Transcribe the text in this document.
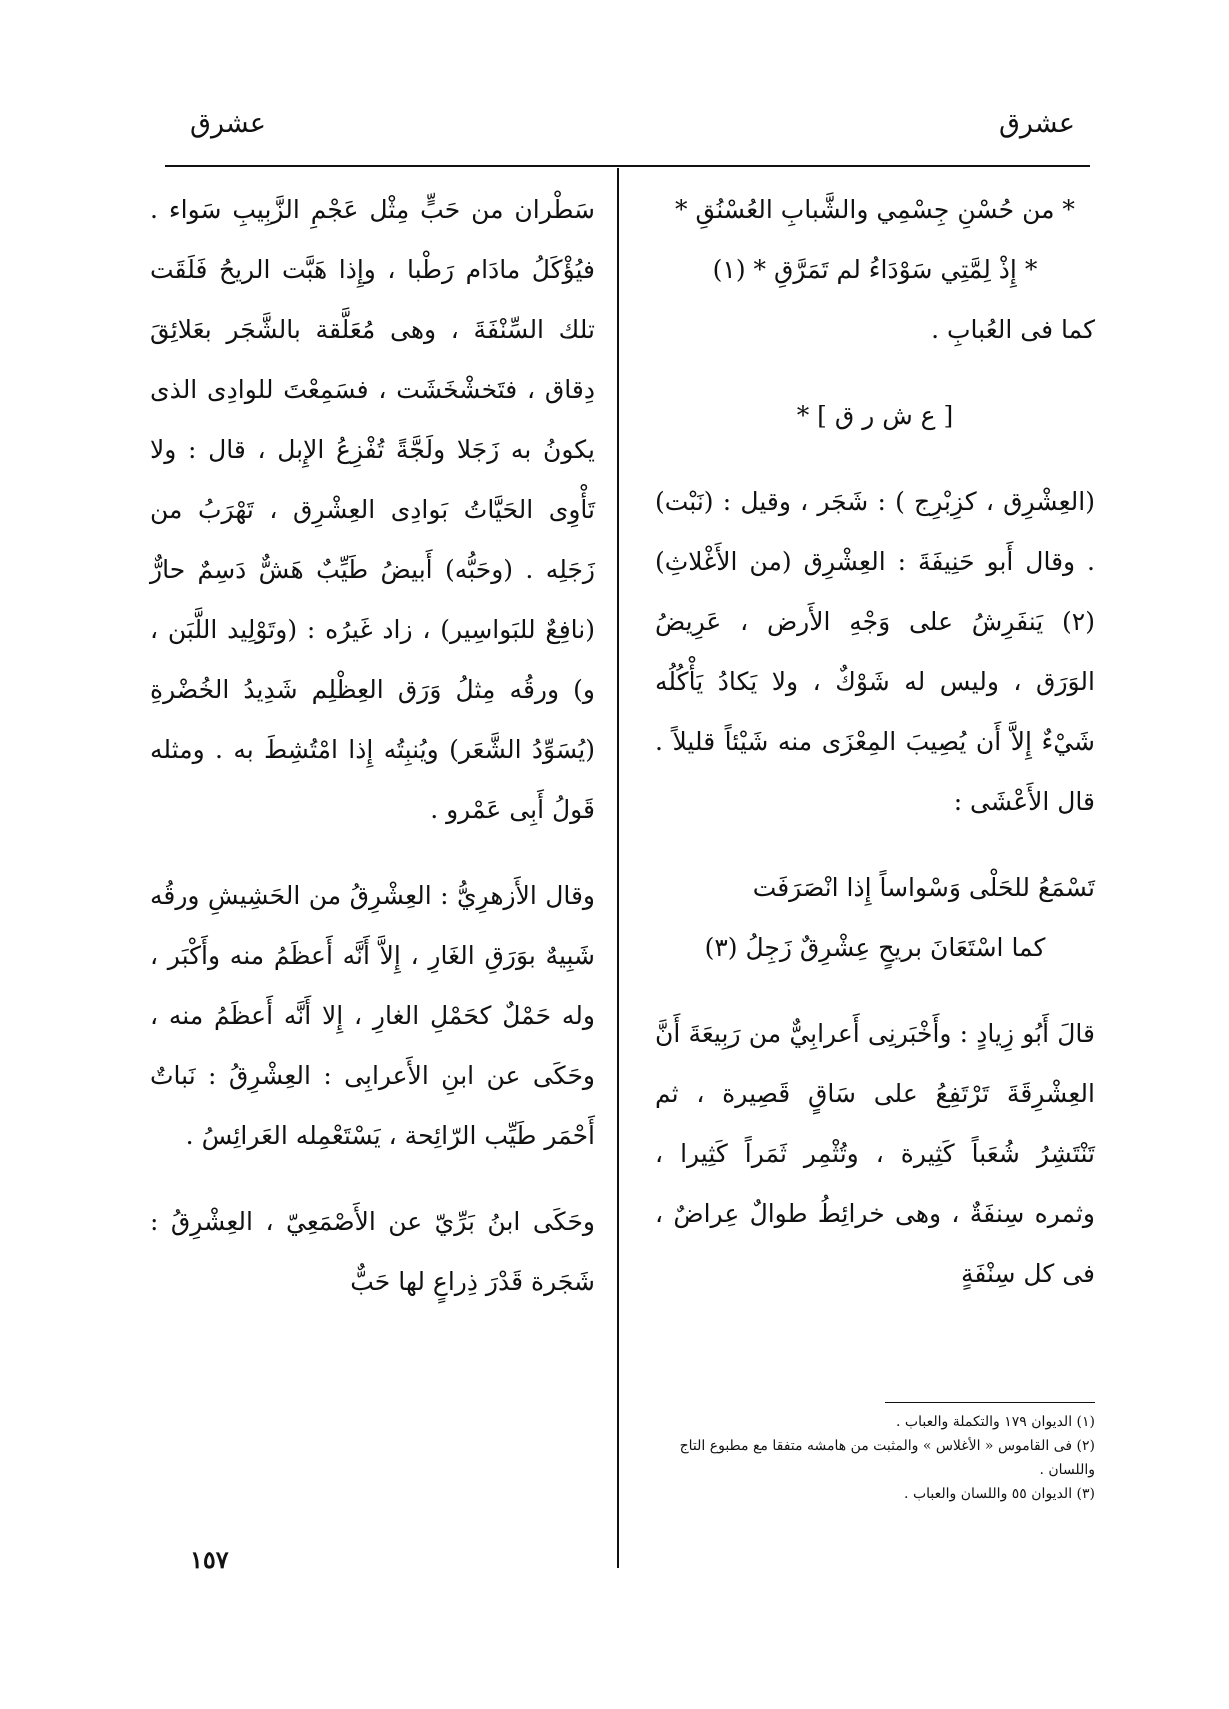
عشرق
عشرق

* من حُسْنِ جِسْمِي والشَّبابِ العُسْنُقِ *

* إِذْ لِمَّتِي سَوْدَاءُ لم تَمَرَّقِ * (١)

كما فى العُبابِ .

[ ع ش ر ق ] *

(العِشْرِق ، كزِبْرِج ) : شَجَر ، وقيل : (نَبْت) . وقال أَبو حَنِيفَةَ : العِشْرِق (من الأَغْلاثِ) (٢) يَنفَرِشُ على وَجْهِ الأَرض ، عَرِيضُ الوَرَق ، وليس له شَوْكٌ ، ولا يَكادُ يَأْكُلُه شَيْءٌ إِلاَّ أَن يُصِيبَ المِعْزَى منه شَيْئاً قليلاً . قال الأَعْشَى :

تَسْمَعُ للحَلْى وَسْواساً إِذا انْصَرَفَت

كما اسْتَعَانَ بريحٍ عِشْرِقٌ زَجِلُ (٣)

قالَ أَبُو زِيادٍ : وأَخْبَرنِى أَعرابِيٌّ من رَبِيعَةَ أَنَّ العِشْرِقَةَ تَرْتَفِعُ على سَاقٍ قَصِيرة ، ثم تَنْتَشِرُ شُعَباً كَثِيرة ، وتُثْمِر ثَمَراً كَثِيرا ، وثمره سِنفَةٌ ، وهى خرائِطُ طوالٌ عِراضٌ ، فى كل سِنْفَةٍ

سَطْران من حَبٍّ مِثْل عَجْمِ الزَّبِيبِ سَواء . فيُؤْكَلُ مادَام رَطْبا ، وإِذا هَبَّت الريحُ فَلَقَت تلك السِّنْفَةَ ، وهى مُعَلَّقة بالشَّجَر بعَلائِقَ دِقاق ، فتَخشْخَشَت ، فسَمِعْتَ للوادِى الذى يكونُ به زَجَلا ولَجَّةً تُفْزِعُ الإِبل ، قال : ولا تَأْوِى الحَيَّاتُ بَوادِى العِشْرِق ، تَهْرَبُ من زَجَلِه . (وحَبُّه) أَبيضُ طَيِّبٌ هَشٌّ دَسِمٌ حارٌّ (نافِعٌ للبَواسِير) ، زاد غَيرُه : (وتَوْلِيد اللَّبَن ، و) ورقُه مِثلُ وَرَق العِظْلِم شَدِيدُ الخُضْرةِ (يُسَوِّدُ الشَّعَر) ويُنبِتُه إِذا امْتُشِطَ به . ومثله قَولُ أَبِى عَمْرو .

وقال الأَزهرِيُّ : العِشْرِقُ من الحَشِيشِ ورقُه شَبِيهٌ بوَرَقِ الغَارِ ، إِلاَّ أَنَّه أَعظَمُ منه وأَكْبَر ، وله حَمْلٌ كحَمْلِ الغارِ ، إِلا أَنَّه أَعظَمُ منه ، وحَكَى عن ابنِ الأَعرابِى : العِشْرِقُ : نَباتٌ أَحْمَر طَيِّب الرّائِحة ، يَسْتَعْمِله العَرائِسُ .

وحَكَى ابنُ بَرِّيّ عن الأَصْمَعِيّ ، العِشْرِقُ : شَجَرة قَدْرَ ذِراعٍ لها حَبٌّ

(١) الديوان ١٧٩ والتكملة والعباب .
(٢) فى القاموس « الأغلاس » والمثبت من هامشه متفقا مع مطبوع التاج واللسان .
(٣) الديوان ٥٥ واللسان والعباب .
١٥٧
